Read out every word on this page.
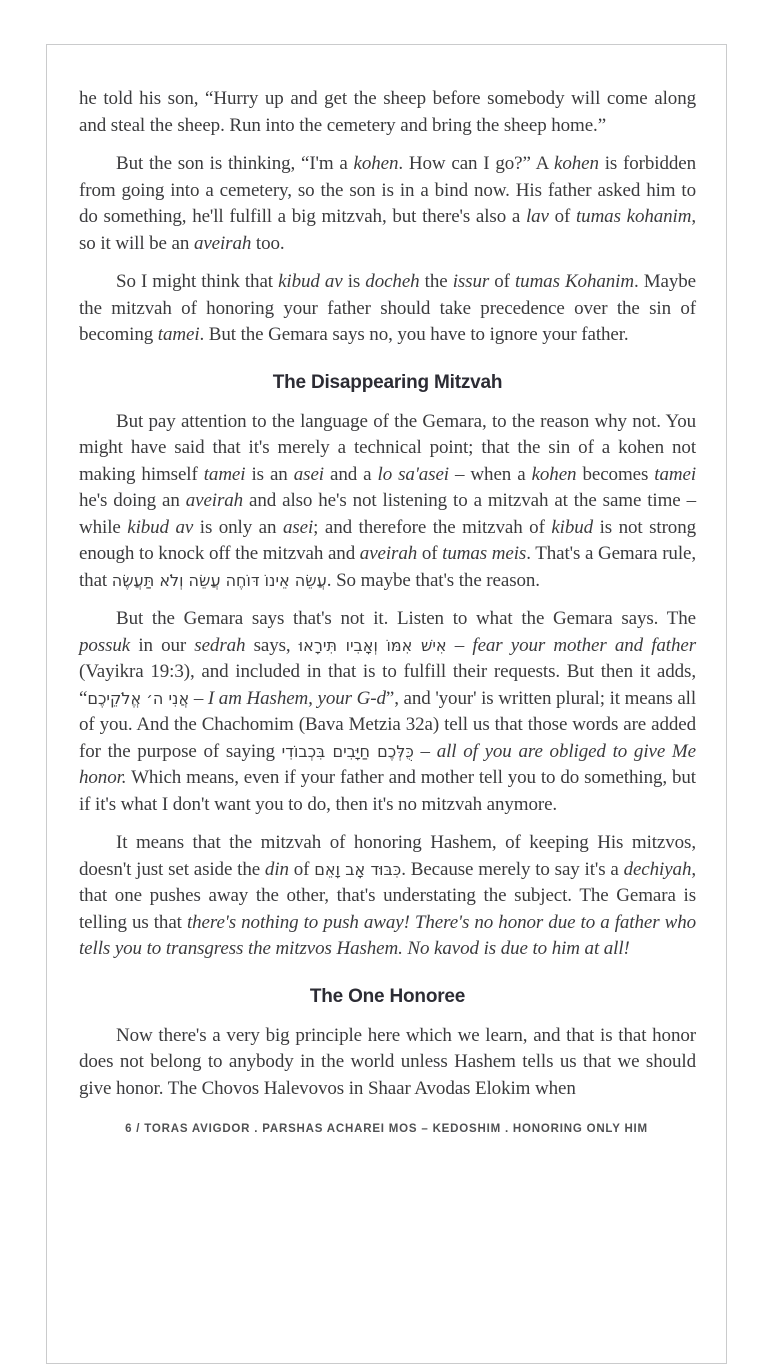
he told his son, “Hurry up and get the sheep before somebody will come along and steal the sheep. Run into the cemetery and bring the sheep home.”

But the son is thinking, “I'm a kohen. How can I go?” A kohen is forbidden from going into a cemetery, so the son is in a bind now. His father asked him to do something, he'll fulfill a big mitzvah, but there's also a lav of tumas kohanim, so it will be an aveirah too.

So I might think that kibud av is docheh the issur of tumas Kohanim. Maybe the mitzvah of honoring your father should take precedence over the sin of becoming tamei. But the Gemara says no, you have to ignore your father.

The Disappearing Mitzvah

But pay attention to the language of the Gemara, to the reason why not. You might have said that it's merely a technical point; that the sin of a kohen not making himself tamei is an asei and a lo sa'asei – when a kohen becomes tamei he's doing an aveirah and also he's not listening to a mitzvah at the same time – while kibud av is only an asei; and therefore the mitzvah of kibud is not strong enough to knock off the mitzvah and aveirah of tumas meis. That's a Gemara rule, that עֲשֵׂה אֵינוֹ דּוֹחֶה עֲשֵׂה וְלֹא תַּעֲשֶׂה. So maybe that's the reason.

But the Gemara says that's not it. Listen to what the Gemara says. The possuk in our sedrah says, אִישׁ אִמּוֹ וְאָבִיו תִּירָאוּ – fear your mother and father (Vayikra 19:3), and included in that is to fulfill their requests. But then it adds, “אֲנִי ה׳ אֱלֹקֵיכֶם – I am Hashem, your G-d”, and 'your' is written plural; it means all of you. And the Chachomim (Bava Metzia 32a) tell us that those words are added for the purpose of saying כֻּלְּכֶם חַיָּבִים בִּכְבוֹדִי – all of you are obliged to give Me honor. Which means, even if your father and mother tell you to do something, but if it's what I don't want you to do, then it's no mitzvah anymore.

It means that the mitzvah of honoring Hashem, of keeping His mitzvos, doesn't just set aside the din of כִּבּוּד אָב וָאֵם. Because merely to say it's a dechiyah, that one pushes away the other, that's understating the subject. The Gemara is telling us that there's nothing to push away! There's no honor due to a father who tells you to transgress the mitzvos Hashem. No kavod is due to him at all!

The One Honoree

Now there's a very big principle here which we learn, and that is that honor does not belong to anybody in the world unless Hashem tells us that we should give honor. The Chovos Halevovos in Shaar Avodas Elokim when

6 / TORAS AVIGDOR . PARSHAS ACHAREI MOS – KEDOSHIM . HONORING ONLY HIM
